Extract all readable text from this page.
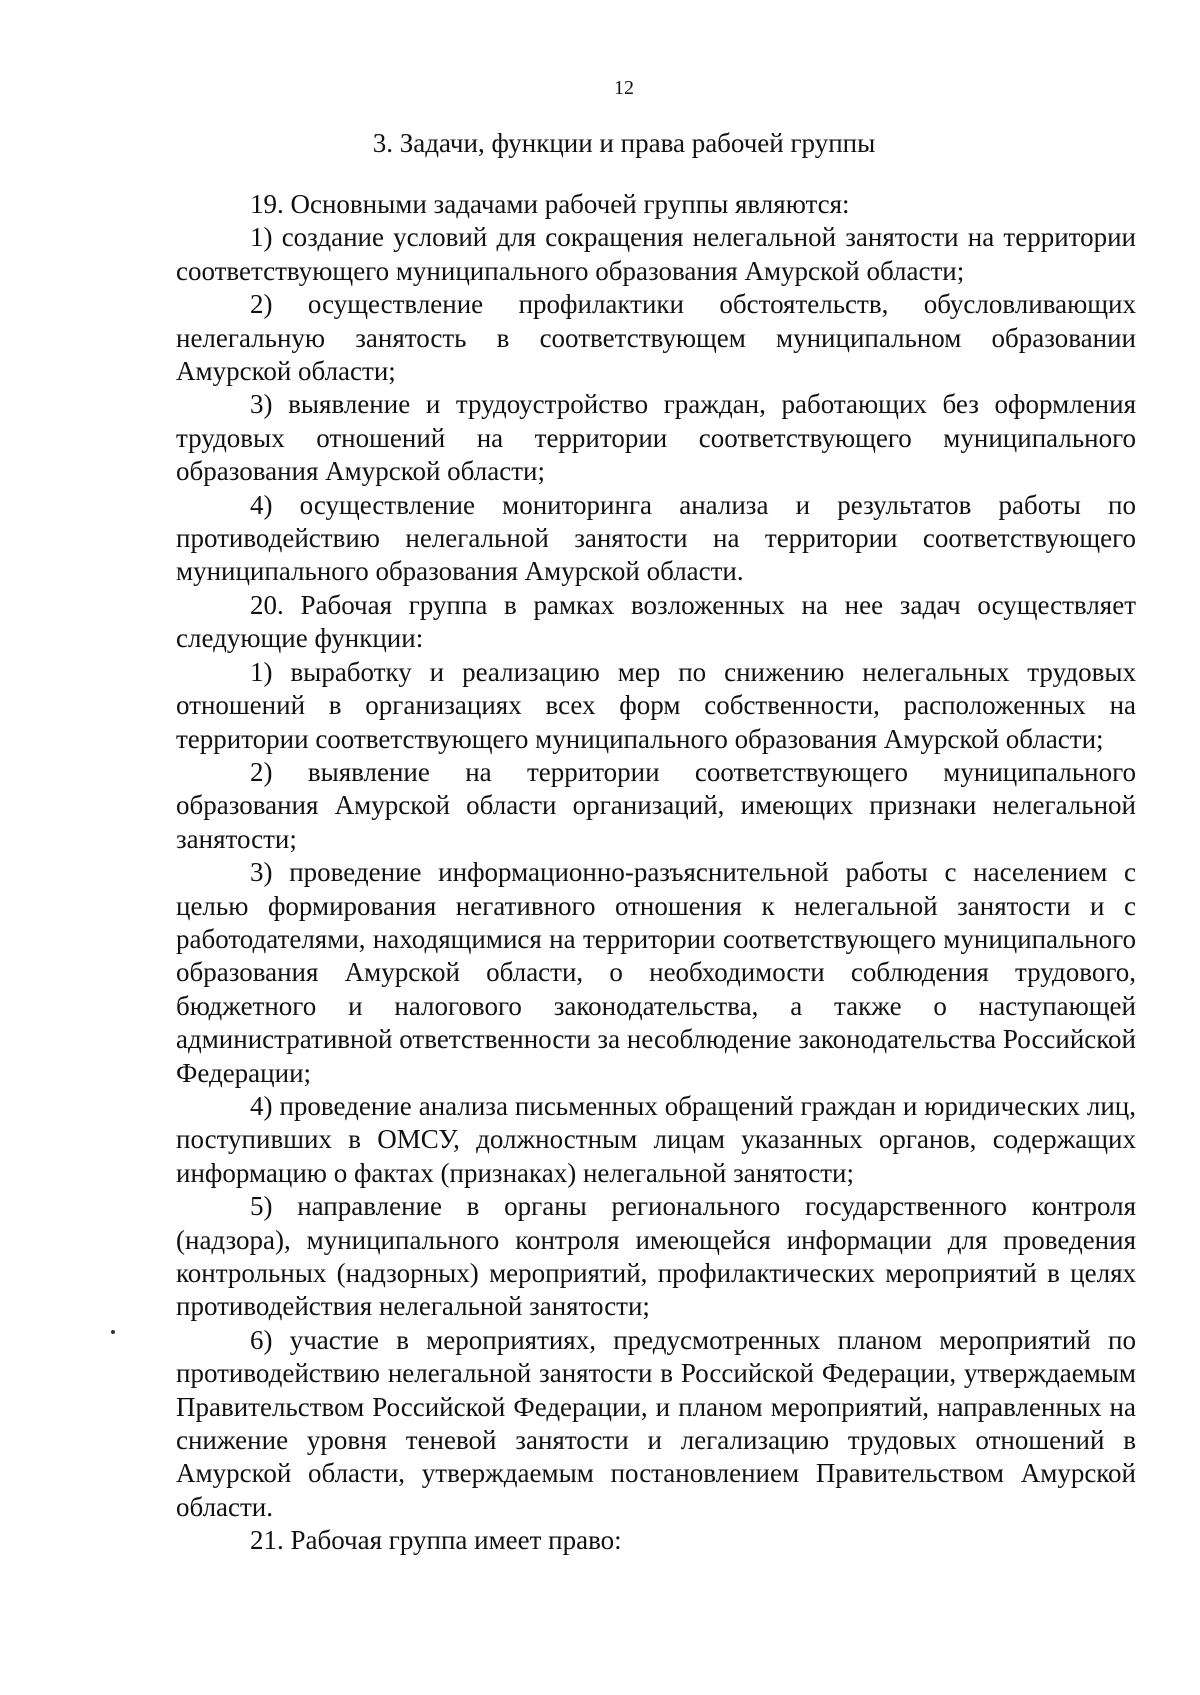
12
3. Задачи, функции и права рабочей группы

19. Основными задачами рабочей группы являются:

1) создание условий для сокращения нелегальной занятости на территории соответствующего муниципального образования Амурской области;

2) осуществление профилактики обстоятельств, обусловливающих нелегальную занятость в соответствующем муниципальном образовании Амурской области;

3) выявление и трудоустройство граждан, работающих без оформления трудовых отношений на территории соответствующего муниципального образования Амурской области;

4) осуществление мониторинга анализа и результатов работы по противодействию нелегальной занятости на территории соответствующего муниципального образования Амурской области.

20. Рабочая группа в рамках возложенных на нее задач осуществляет следующие функции:

1) выработку и реализацию мер по снижению нелегальных трудовых отношений в организациях всех форм собственности, расположенных на территории соответствующего муниципального образования Амурской области;

2) выявление на территории соответствующего муниципального образования Амурской области организаций, имеющих признаки нелегальной занятости;

3) проведение информационно-разъяснительной работы с населением с целью формирования негативного отношения к нелегальной занятости и с работодателями, находящимися на территории соответствующего муниципального образования Амурской области, о необходимости соблюдения трудового, бюджетного и налогового законодательства, а также о наступающей административной ответственности за несоблюдение законодательства Российской Федерации;

4) проведение анализа письменных обращений граждан и юридических лиц, поступивших в ОМСУ, должностным лицам указанных органов, содержащих информацию о фактах (признаках) нелегальной занятости;

5) направление в органы регионального государственного контроля (надзора), муниципального контроля имеющейся информации для проведения контрольных (надзорных) мероприятий, профилактических мероприятий в целях противодействия нелегальной занятости;

6) участие в мероприятиях, предусмотренных планом мероприятий по противодействию нелегальной занятости в Российской Федерации, утверждаемым Правительством Российской Федерации, и планом мероприятий, направленных на снижение уровня теневой занятости и легализацию трудовых отношений в Амурской области, утверждаемым постановлением Правительством Амурской области.

21. Рабочая группа имеет право:
